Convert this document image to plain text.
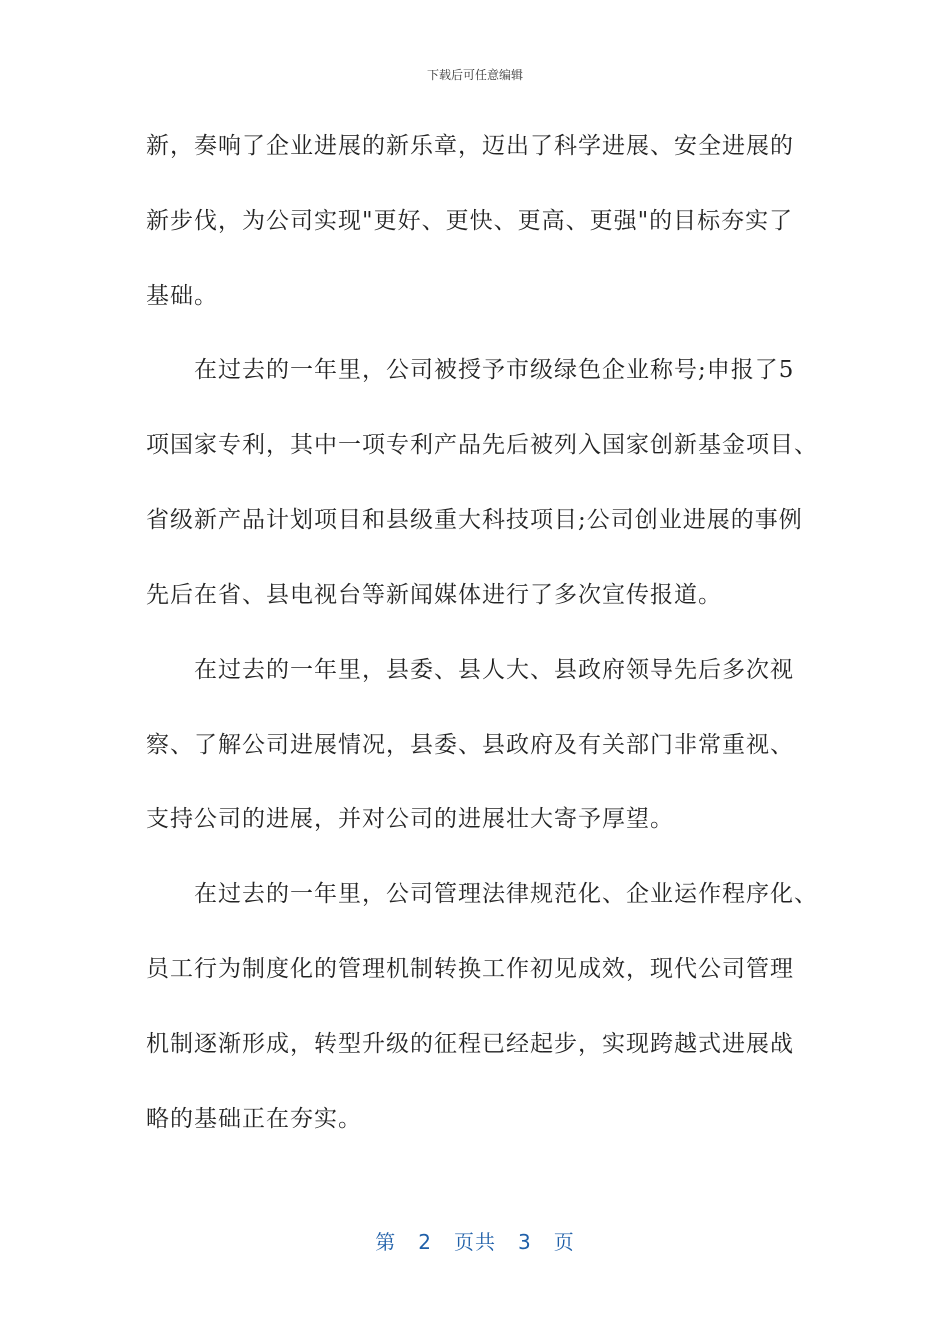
下载后可任意编辑
新，奏响了企业进展的新乐章，迈出了科学进展、安全进展的
新步伐，为公司实现"更好、更快、更高、更强"的目标夯实了
基础。
　　在过去的一年里，公司被授予市级绿色企业称号;申报了5
项国家专利，其中一项专利产品先后被列入国家创新基金项目、
省级新产品计划项目和县级重大科技项目;公司创业进展的事例
先后在省、县电视台等新闻媒体进行了多次宣传报道。
　　在过去的一年里，县委、县人大、县政府领导先后多次视
察、了解公司进展情况，县委、县政府及有关部门非常重视、
支持公司的进展，并对公司的进展壮大寄予厚望。
　　在过去的一年里，公司管理法律规范化、企业运作程序化、
员工行为制度化的管理机制转换工作初见成效，现代公司管理
机制逐渐形成，转型升级的征程已经起步，实现跨越式进展战
略的基础正在夯实。
第 2 页共 3 页
